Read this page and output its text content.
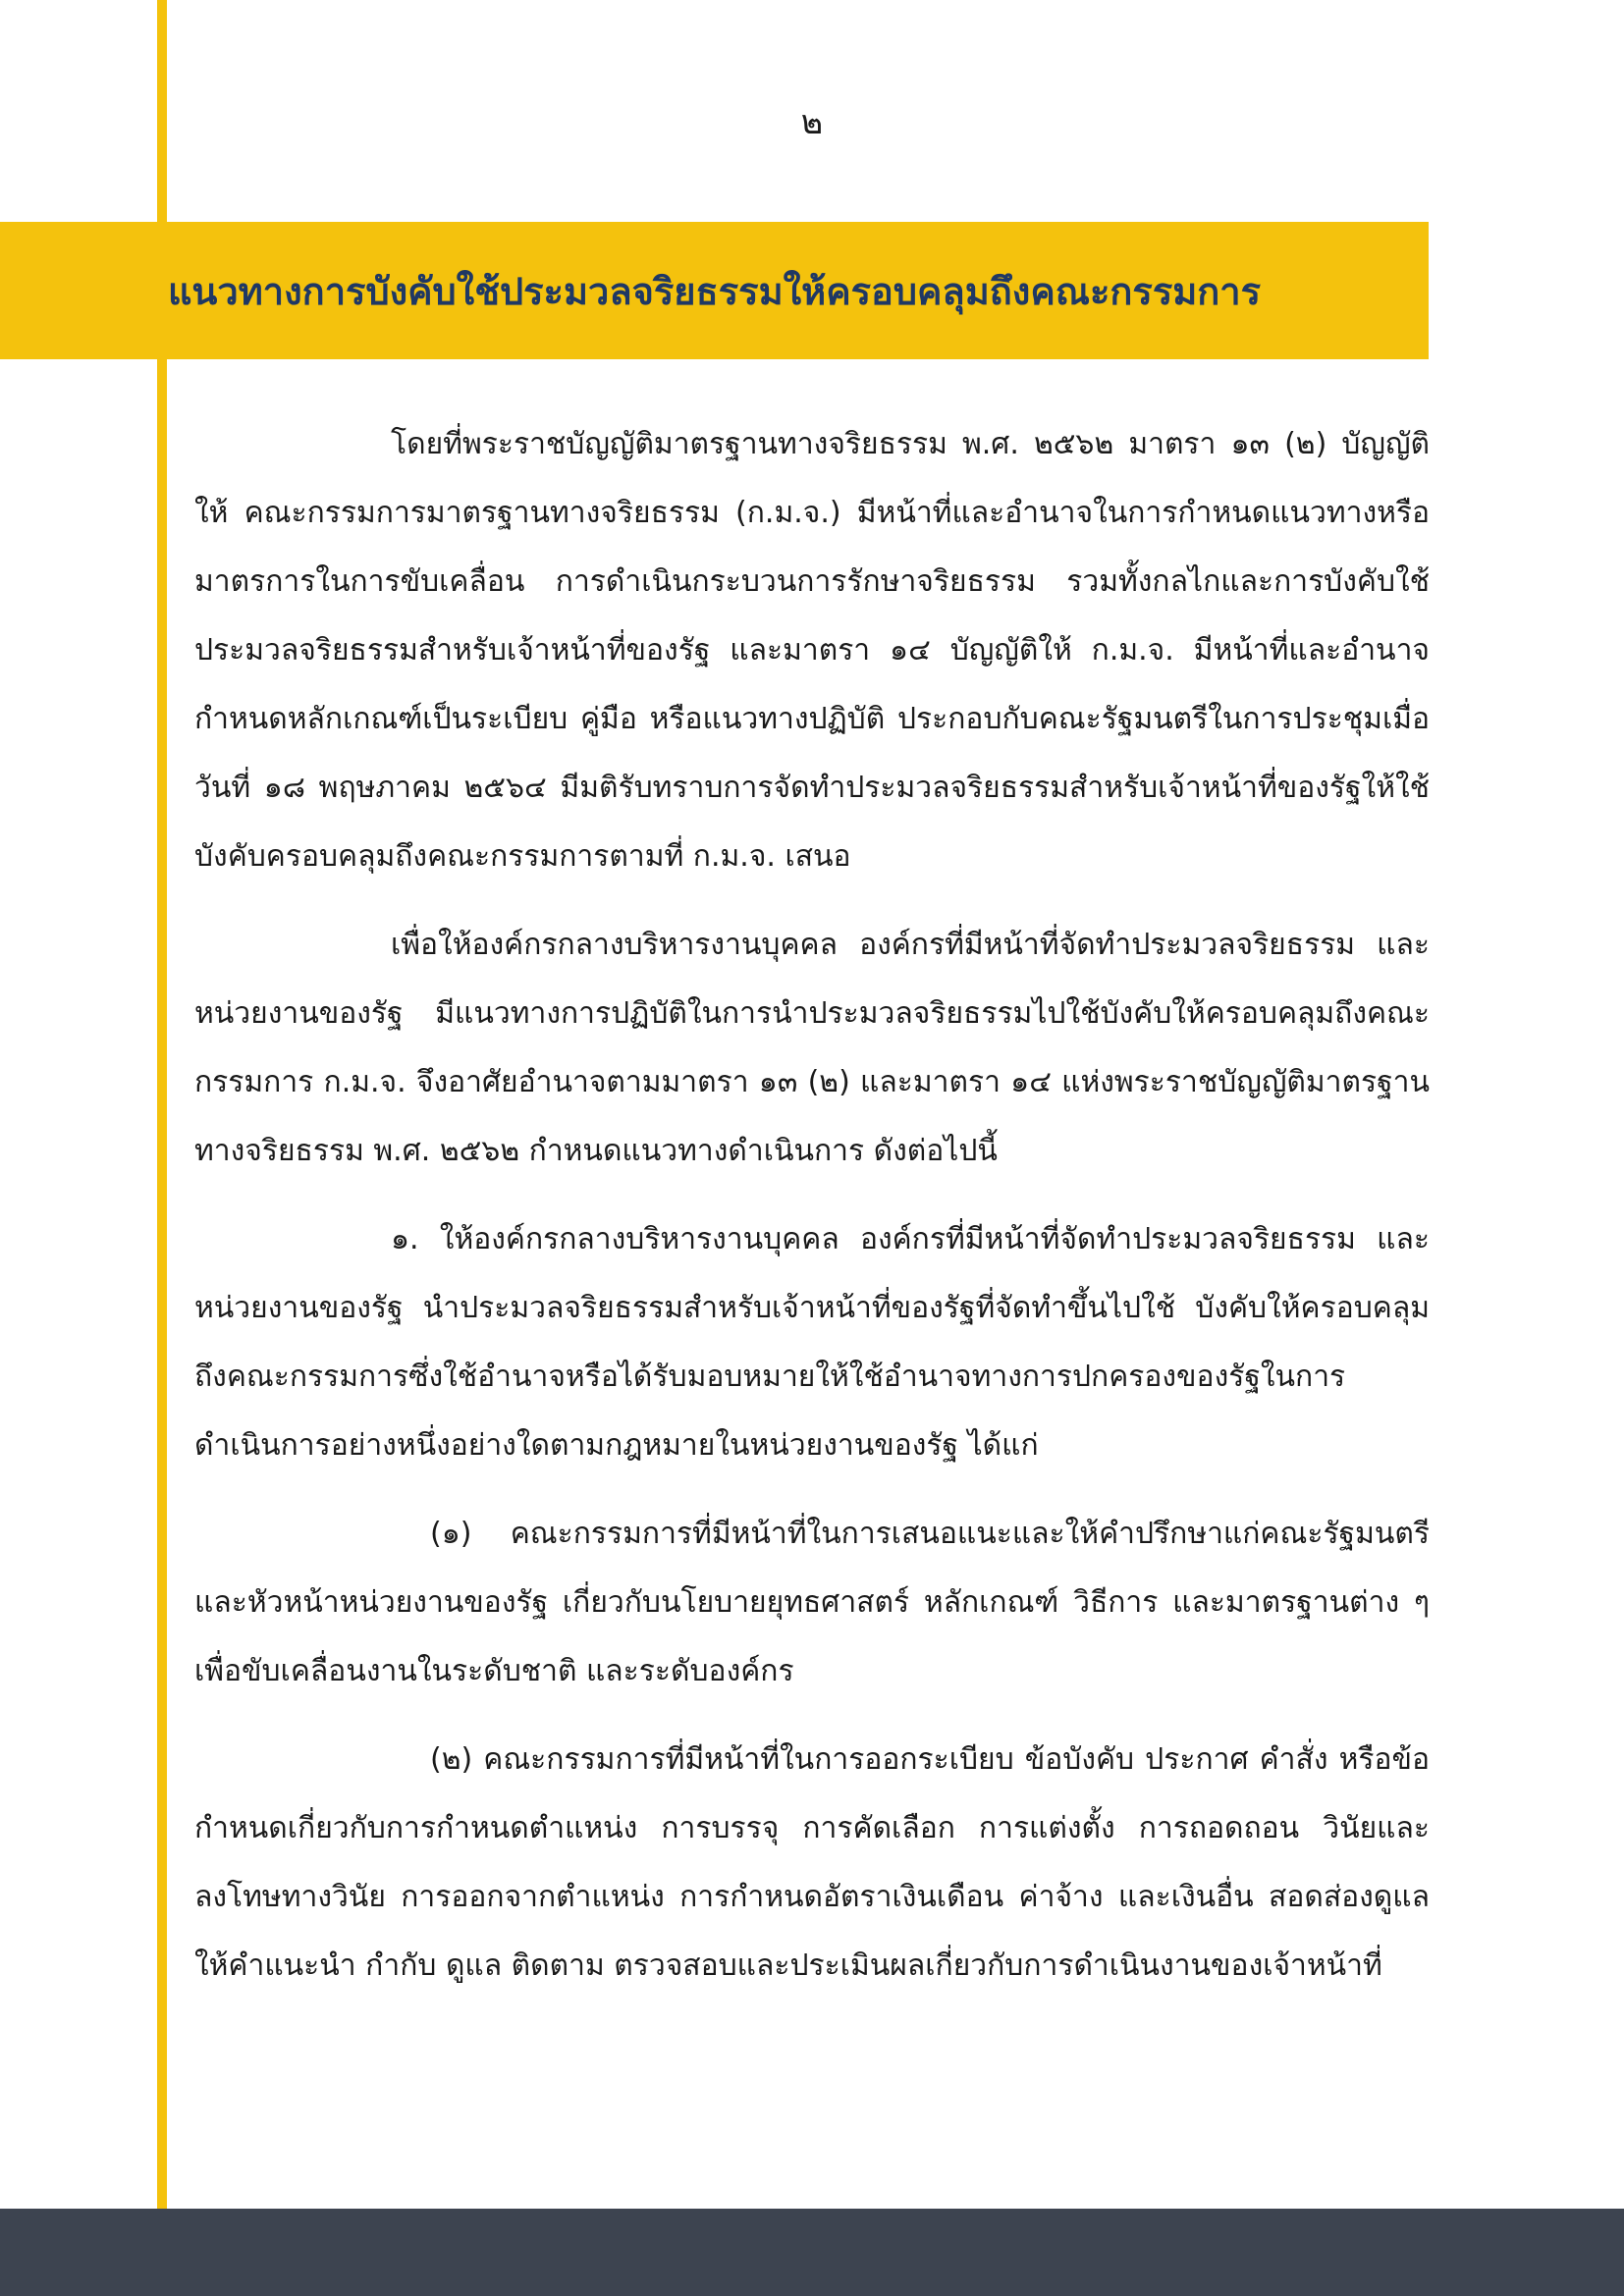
๒
แนวทางการบังคับใช้ประมวลจริยธรรมให้ครอบคลุมถึงคณะกรรมการ

โดยที่พระราชบัญญัติมาตรฐานทางจริยธรรม พ.ศ. ๒๕๖๒ มาตรา ๑๓ (๒) บัญญัติให้ คณะกรรมการมาตรฐานทางจริยธรรม (ก.ม.จ.) มีหน้าที่และอำนาจในการกำหนดแนวทางหรือมาตรการในการขับเคลื่อน การดำเนินกระบวนการรักษาจริยธรรม รวมทั้งกลไกและการบังคับใช้ประมวลจริยธรรมสำหรับเจ้าหน้าที่ของรัฐ และมาตรา ๑๔ บัญญัติให้ ก.ม.จ. มีหน้าที่และอำนาจกำหนดหลักเกณฑ์เป็นระเบียบ คู่มือ หรือแนวทางปฏิบัติ ประกอบกับคณะรัฐมนตรีในการประชุมเมื่อวันที่ ๑๘ พฤษภาคม ๒๕๖๔ มีมติรับทราบการจัดทำประมวลจริยธรรมสำหรับเจ้าหน้าที่ของรัฐให้ใช้บังคับครอบคลุมถึงคณะกรรมการตามที่ ก.ม.จ. เสนอ

เพื่อให้องค์กรกลางบริหารงานบุคคล องค์กรที่มีหน้าที่จัดทำประมวลจริยธรรม และหน่วยงานของรัฐ มีแนวทางการปฏิบัติในการนำประมวลจริยธรรมไปใช้บังคับให้ครอบคลุมถึงคณะกรรมการ ก.ม.จ. จึงอาศัยอำนาจตามมาตรา ๑๓ (๒) และมาตรา ๑๔ แห่งพระราชบัญญัติมาตรฐานทางจริยธรรม พ.ศ. ๒๕๖๒ กำหนดแนวทางดำเนินการ ดังต่อไปนี้

๑. ให้องค์กรกลางบริหารงานบุคคล องค์กรที่มีหน้าที่จัดทำประมวลจริยธรรม และหน่วยงานของรัฐ นำประมวลจริยธรรมสำหรับเจ้าหน้าที่ของรัฐที่จัดทำขึ้นไปใช้ บังคับให้ครอบคลุมถึงคณะกรรมการซึ่งใช้อำนาจหรือได้รับมอบหมายให้ใช้อำนาจทางการปกครองของรัฐในการดำเนินการอย่างหนึ่งอย่างใดตามกฎหมายในหน่วยงานของรัฐ ได้แก่

(๑) คณะกรรมการที่มีหน้าที่ในการเสนอแนะและให้คำปรึกษาแก่คณะรัฐมนตรี และหัวหน้าหน่วยงานของรัฐ เกี่ยวกับนโยบายยุทธศาสตร์ หลักเกณฑ์ วิธีการ และมาตรฐานต่าง ๆ เพื่อขับเคลื่อนงานในระดับชาติ และระดับองค์กร

(๒) คณะกรรมการที่มีหน้าที่ในการออกระเบียบ ข้อบังคับ ประกาศ คำสั่ง หรือข้อกำหนดเกี่ยวกับการกำหนดตำแหน่ง การบรรจุ การคัดเลือก การแต่งตั้ง การถอดถอน วินัยและลงโทษทางวินัย การออกจากตำแหน่ง การกำหนดอัตราเงินเดือน ค่าจ้าง และเงินอื่น สอดส่องดูแลให้คำแนะนำ กำกับ ดูแล ติดตาม ตรวจสอบและประเมินผลเกี่ยวกับการดำเนินงานของเจ้าหน้าที่
